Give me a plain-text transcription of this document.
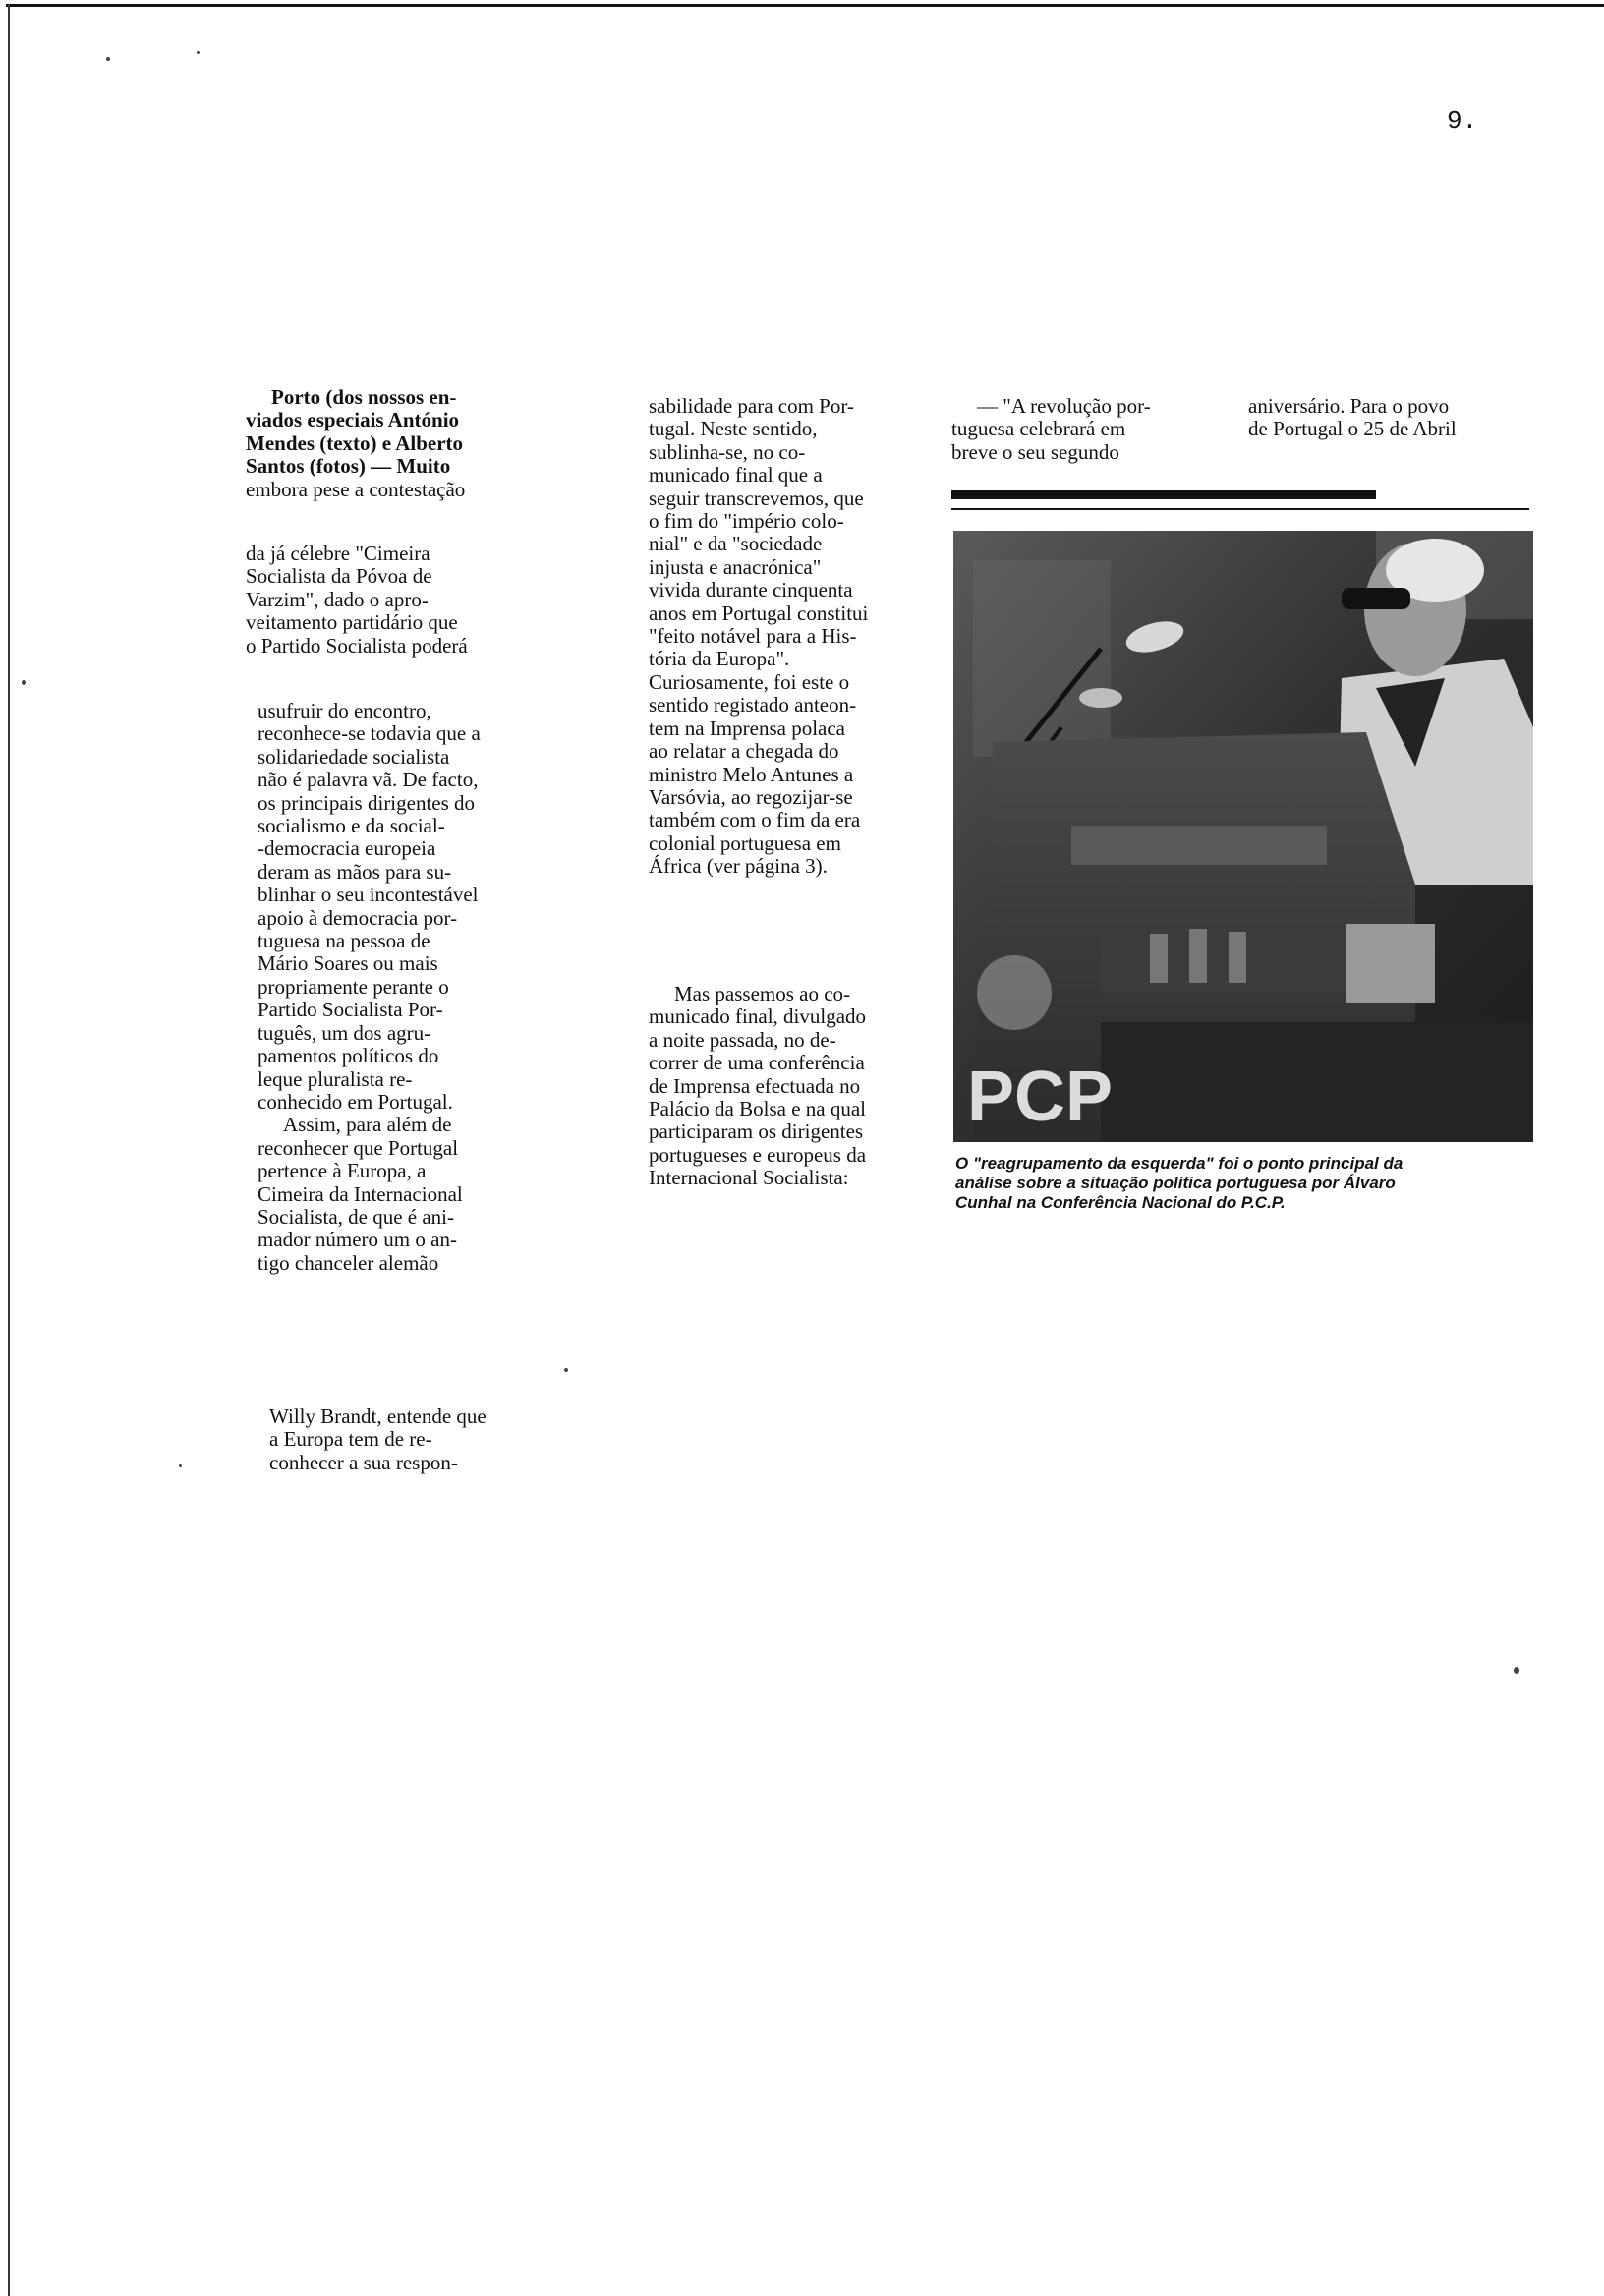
9.
Porto (dos nossos en-
viados especiais António
Mendes (texto) e Alberto
Santos (fotos) — Muito
embora pese a contestação
da já célebre "Cimeira
Socialista da Póvoa de
Varzim", dado o apro-
veitamento partidário que
o Partido Socialista poderá
usufruir do encontro,
reconhece-se todavia que a
solidariedade socialista
não é palavra vã. De facto,
os principais dirigentes do
socialismo e da social-
-democracia europeia
deram as mãos para su-
blinhar o seu incontestável
apoio à democracia por-
tuguesa na pessoa de
Mário Soares ou mais
propriamente perante o
Partido Socialista Por-
tuguês, um dos agru-
pamentos políticos do
leque pluralista re-
conhecido em Portugal.
Assim, para além de
reconhecer que Portugal
pertence à Europa, a
Cimeira da Internacional
Socialista, de que é ani-
mador número um o an-
tigo chanceler alemão
Willy Brandt, entende que
a Europa tem de re-
conhecer a sua respon-
sabilidade para com Por-
tugal. Neste sentido,
sublinha-se, no co-
municado final que a
seguir transcrevemos, que
o fim do "império colo-
nial" e da "sociedade
injusta e anacrónica"
vivida durante cinquenta
anos em Portugal constitui
"feito notável para a His-
tória da Europa".
Curiosamente, foi este o
sentido registado anteon-
tem na Imprensa polaca
ao relatar a chegada do
ministro Melo Antunes a
Varsóvia, ao regozijar-se
também com o fim da era
colonial portuguesa em
África (ver página 3).
Mas passemos ao co-
municado final, divulgado
a noite passada, no de-
correr de uma conferência
de Imprensa efectuada no
Palácio da Bolsa e na qual
participaram os dirigentes
portugueses e europeus da
Internacional Socialista:
— "A revolução por-
tuguesa celebrará em
breve o seu segundo
aniversário. Para o povo
de Portugal o 25 de Abril
PCP
O "reagrupamento da esquerda" foi o ponto principal da
análise sobre a situação política portuguesa por Álvaro
Cunhal na Conferência Nacional do P.C.P.
